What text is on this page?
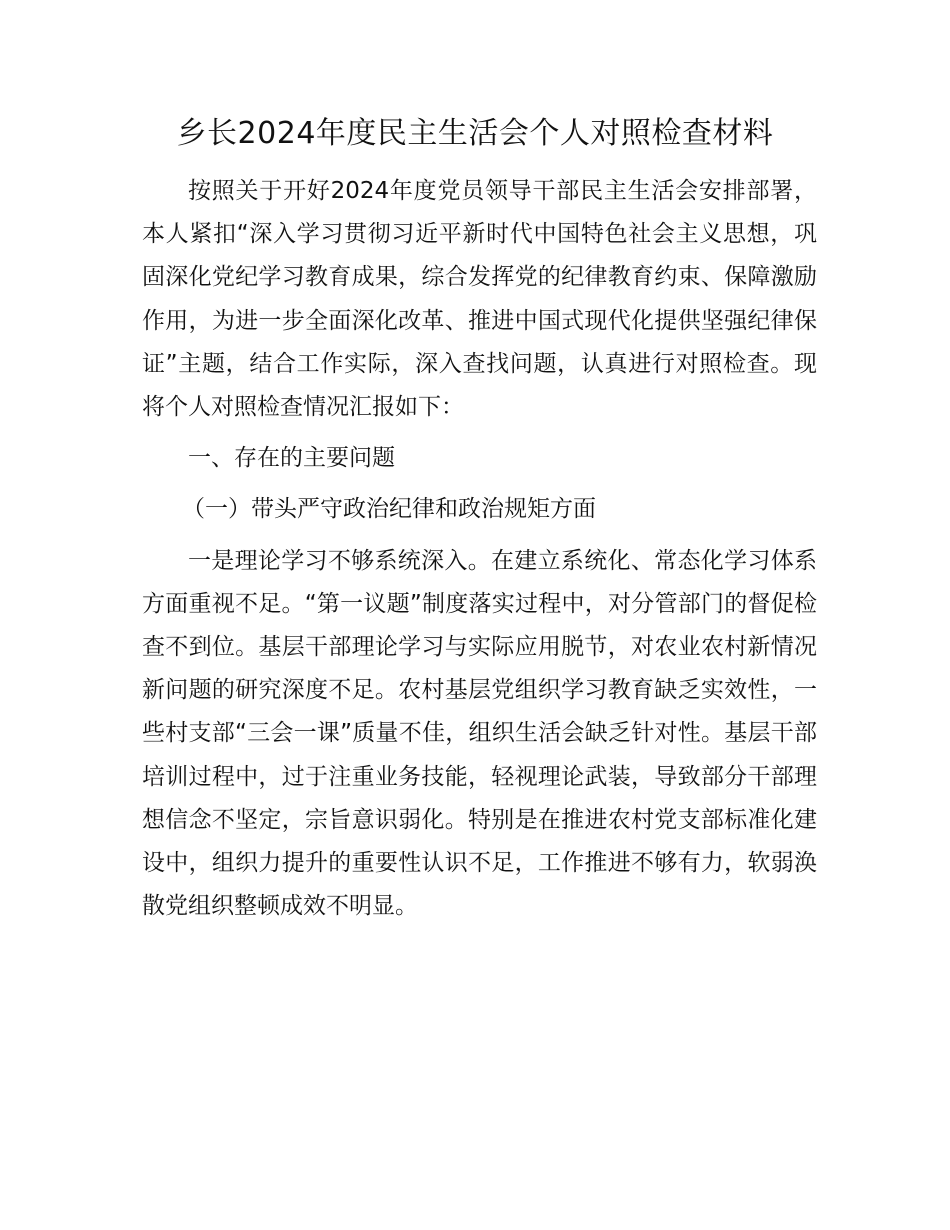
乡长2024年度民主生活会个人对照检查材料

按照关于开好2024年度党员领导干部民主生活会安排部署，本人紧扣“深入学习贯彻习近平新时代中国特色社会主义思想，巩固深化党纪学习教育成果，综合发挥党的纪律教育约束、保障激励作用，为进一步全面深化改革、推进中国式现代化提供坚强纪律保证”主题，结合工作实际，深入查找问题，认真进行对照检查。现将个人对照检查情况汇报如下：

一、存在的主要问题

（一）带头严守政治纪律和政治规矩方面

一是理论学习不够系统深入。在建立系统化、常态化学习体系方面重视不足。“第一议题”制度落实过程中，对分管部门的督促检查不到位。基层干部理论学习与实际应用脱节，对农业农村新情况新问题的研究深度不足。农村基层党组织学习教育缺乏实效性，一些村支部“三会一课”质量不佳，组织生活会缺乏针对性。基层干部培训过程中，过于注重业务技能，轻视理论武装，导致部分干部理想信念不坚定，宗旨意识弱化。特别是在推进农村党支部标准化建设中，组织力提升的重要性认识不足，工作推进不够有力，软弱涣散党组织整顿成效不明显。
